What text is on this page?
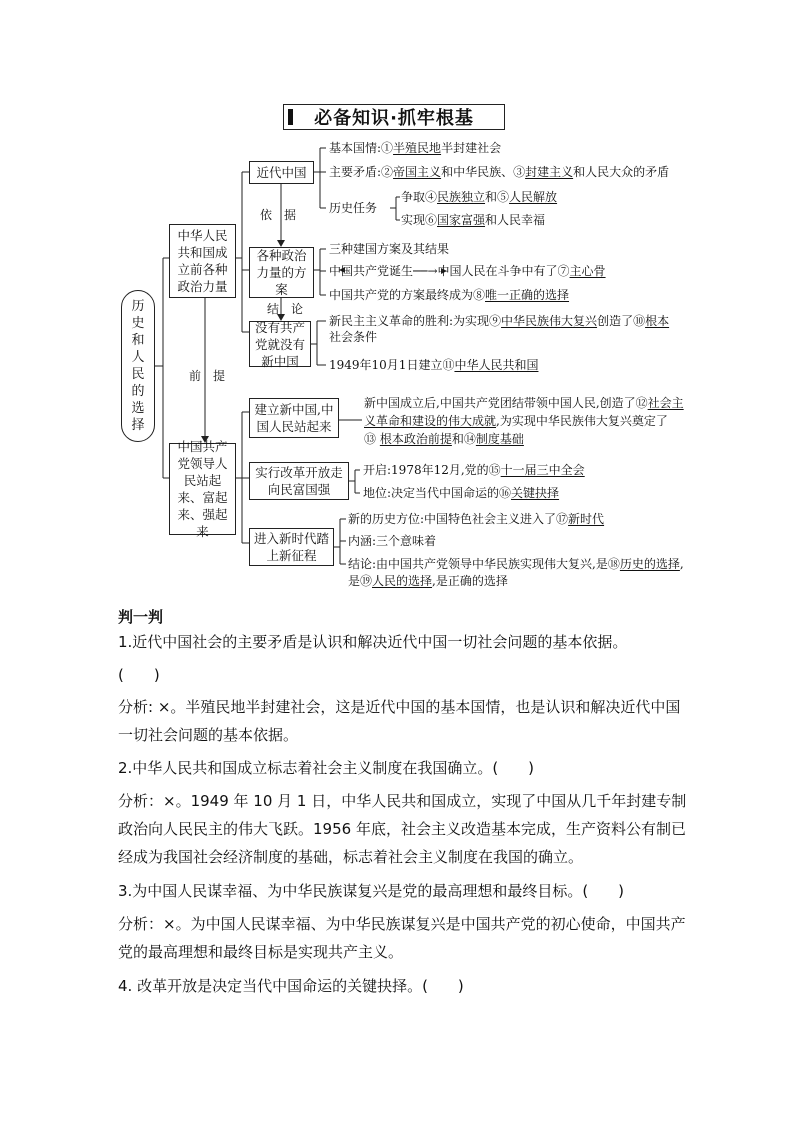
必备知识·抓牢根基
历史和人民的选择
中华人民共和国成立前各种政治力量
中国共产党领导人民站起来、富起来、强起来
前　提
近代中国
依　据
各种政治力量的方案
结　论
没有共产党就没有新中国
基本国情:①半殖民地半封建社会
主要矛盾:②帝国主义和中华民族、③封建主义和人民大众的矛盾
历史任务
争取④民族独立和⑤人民解放
实现⑥国家富强和人民幸福
三种建国方案及其结果
中国共产党诞生──→中国人民在斗争中有了⑦主心骨
中国共产党的方案最终成为⑧唯一正确的选择
新民主主义革命的胜利:为实现⑨中华民族伟大复兴创造了⑩根本
社会条件
1949年10月1日建立⑪中华人民共和国
建立新中国,中国人民站起来
实行改革开放走向民富国强
进入新时代踏上新征程
新中国成立后,中国共产党团结带领中国人民,创造了⑫社会主
义革命和建设的伟大成就,为实现中华民族伟大复兴奠定了
⑬ 根本政治前提和⑭制度基础
开启:1978年12月,党的⑮十一届三中全会
地位:决定当代中国命运的⑯关键抉择
新的历史方位:中国特色社会主义进入了⑰新时代
内涵:三个意味着
结论:由中国共产党领导中华民族实现伟大复兴,是⑱历史的选择,
是⑲人民的选择,是正确的选择
判一判
1.近代中国社会的主要矛盾是认识和解决近代中国一切社会问题的基本依据。
(　　)
分析: ×。半殖民地半封建社会，这是近代中国的基本国情，也是认识和解决近代中国一切社会问题的基本依据。
2.中华人民共和国成立标志着社会主义制度在我国确立。(　　)
分析：×。1949 年 10 月 1 日，中华人民共和国成立，实现了中国从几千年封建专制政治向人民民主的伟大飞跃。1956 年底，社会主义改造基本完成，生产资料公有制已经成为我国社会经济制度的基础，标志着社会主义制度在我国的确立。
3.为中国人民谋幸福、为中华民族谋复兴是党的最高理想和最终目标。(　　)
分析：×。为中国人民谋幸福、为中华民族谋复兴是中国共产党的初心使命，中国共产党的最高理想和最终目标是实现共产主义。
4. 改革开放是决定当代中国命运的关键抉择。(　　)
